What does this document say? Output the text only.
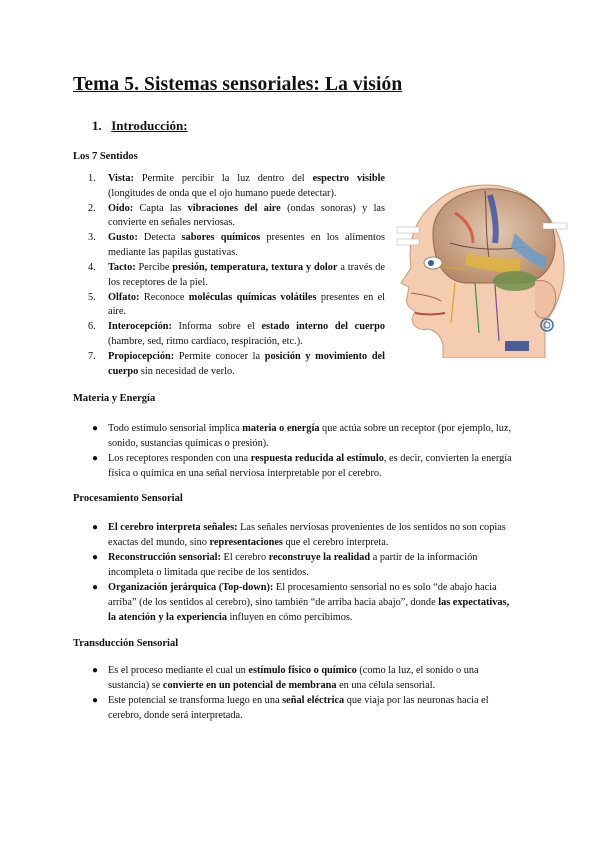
Tema 5. Sistemas sensoriales: La visión
1. Introducción:
Los 7 Sentidos
1. Vista: Permite percibir la luz dentro del espectro visible (longitudes de onda que el ojo humano puede detectar).
2. Oído: Capta las vibraciones del aire (ondas sonoras) y las convierte en señales nerviosas.
3. Gusto: Detecta sabores químicos presentes en los alimentos mediante las papilas gustativas.
4. Tacto: Percibe presión, temperatura, textura y dolor a través de los receptores de la piel.
5. Olfato: Reconoce moléculas químicas volátiles presentes en el aire.
6. Interocepción: Informa sobre el estado interno del cuerpo (hambre, sed, ritmo cardíaco, respiración, etc.).
7. Propiocepción: Permite conocer la posición y movimiento del cuerpo sin necesidad de verlo.
Materia y Energía
● Todo estímulo sensorial implica materia o energía que actúa sobre un receptor (por ejemplo, luz, sonido, sustancias químicas o presión).
● Los receptores responden con una respuesta reducida al estímulo, es decir, convierten la energía física o química en una señal nerviosa interpretable por el cerebro.
Procesamiento Sensorial
● El cerebro interpreta señales: Las señales nerviosas provenientes de los sentidos no son copias exactas del mundo, sino representaciones que el cerebro interpreta.
● Reconstrucción sensorial: El cerebro reconstruye la realidad a partir de la información incompleta o limitada que recibe de los sentidos.
● Organización jerárquica (Top-down): El procesamiento sensorial no es solo “de abajo hacia arriba” (de los sentidos al cerebro), sino también “de arriba hacia abajo”, donde las expectativas, la atención y la experiencia influyen en cómo percibimos.
Transducción Sensorial
● Es el proceso mediante el cual un estímulo físico o químico (como la luz, el sonido o una sustancia) se convierte en un potencial de membrana en una célula sensorial.
● Este potencial se transforma luego en una señal eléctrica que viaja por las neuronas hacia el cerebro, donde será interpretada.
